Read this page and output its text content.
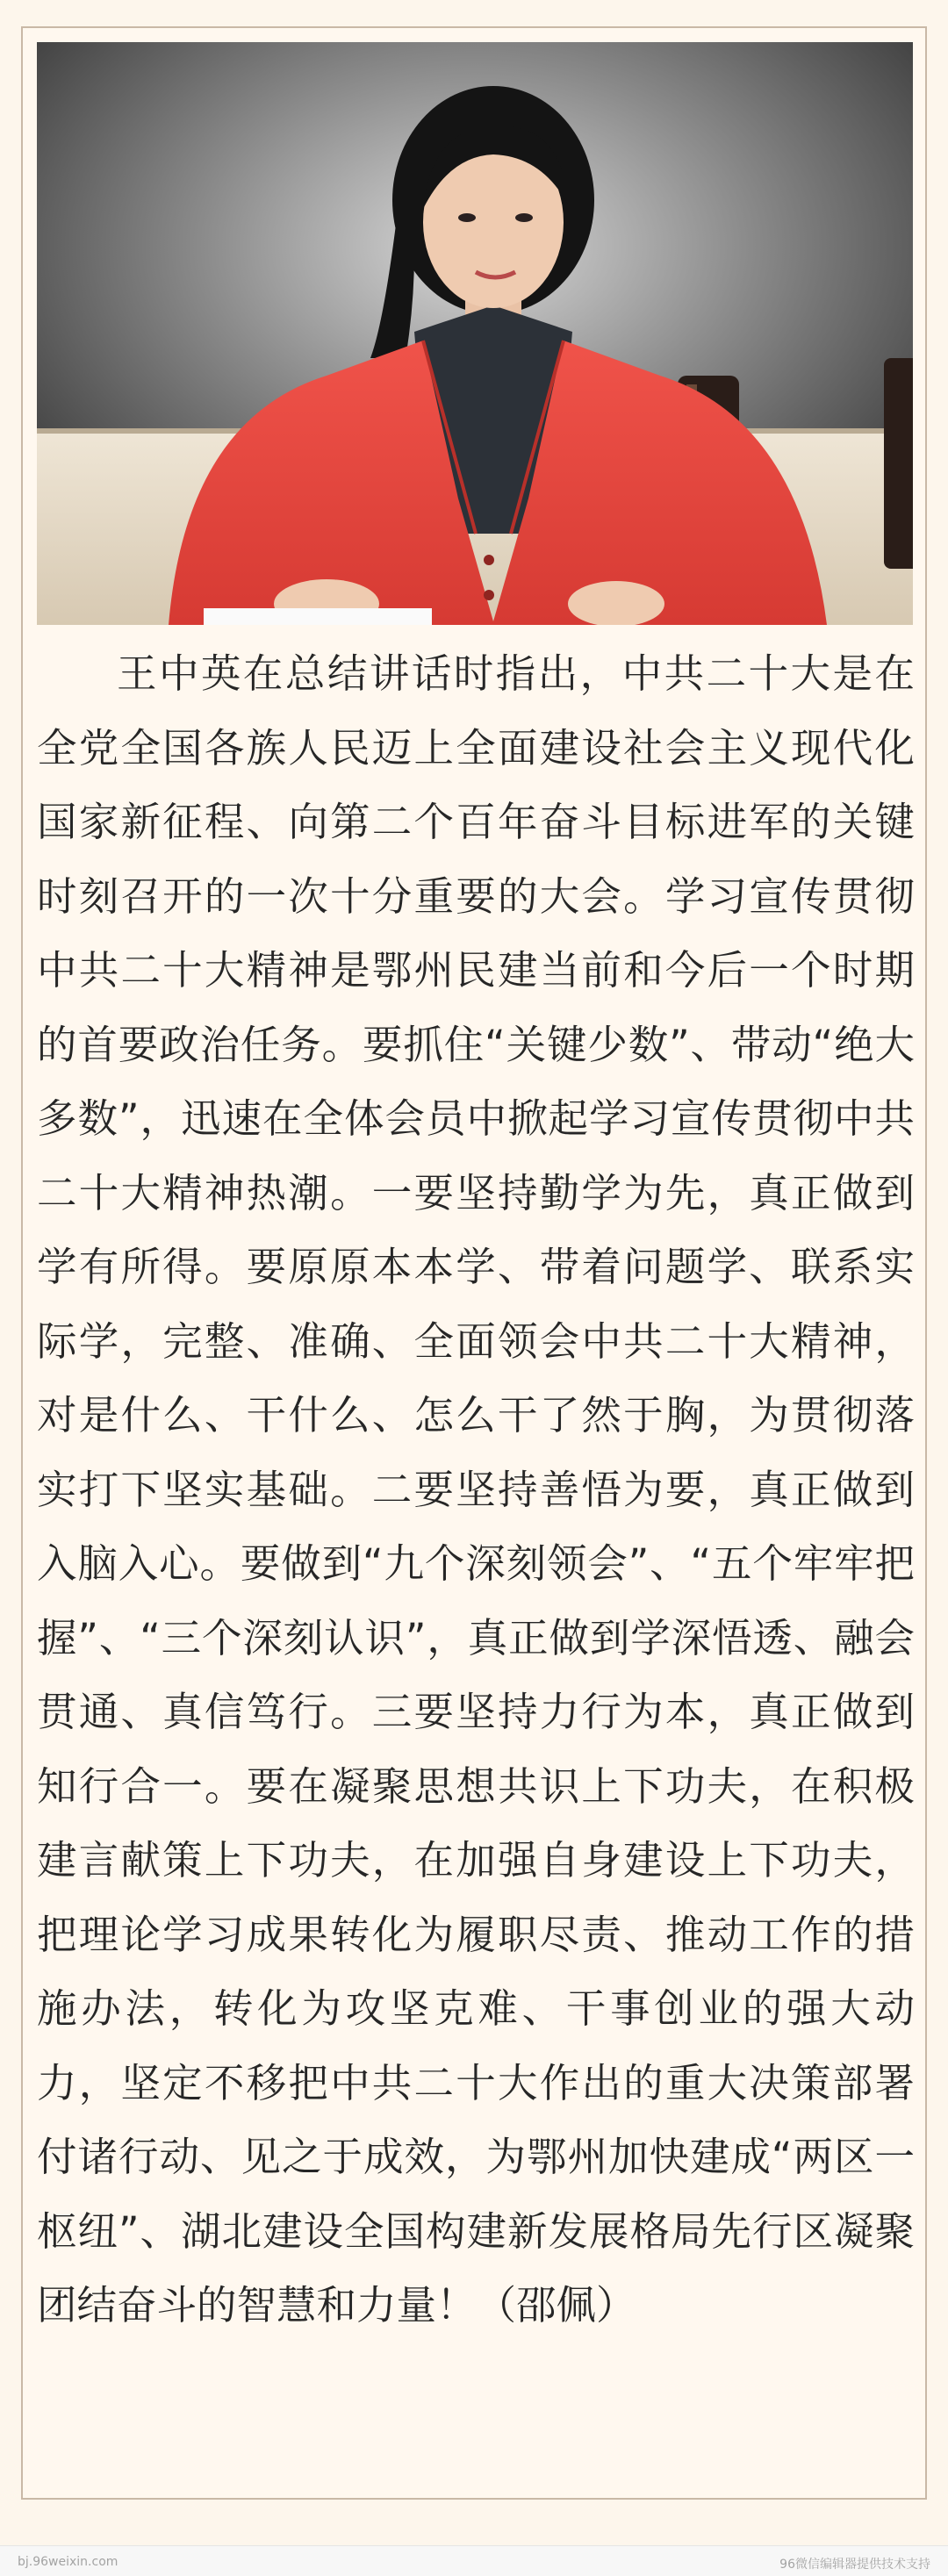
王中英在总结讲话时指出，中共二十大是在全党全国各族人民迈上全面建设社会主义现代化国家新征程、向第二个百年奋斗目标进军的关键时刻召开的一次十分重要的大会。学习宣传贯彻中共二十大精神是鄂州民建当前和今后一个时期的首要政治任务。要抓住“关键少数”、带动“绝大多数”，迅速在全体会员中掀起学习宣传贯彻中共二十大精神热潮。一要坚持勤学为先，真正做到学有所得。要原原本本学、带着问题学、联系实际学，完整、准确、全面领会中共二十大精神，对是什么、干什么、怎么干了然于胸，为贯彻落实打下坚实基础。二要坚持善悟为要，真正做到入脑入心。要做到“九个深刻领会”、“五个牢牢把握”、“三个深刻认识”，真正做到学深悟透、融会贯通、真信笃行。三要坚持力行为本，真正做到知行合一。要在凝聚思想共识上下功夫，在积极建言献策上下功夫，在加强自身建设上下功夫，把理论学习成果转化为履职尽责、推动工作的措施办法，转化为攻坚克难、干事创业的强大动力，坚定不移把中共二十大作出的重大决策部署付诸行动、见之于成效，为鄂州加快建成“两区一枢纽”、湖北建设全国构建新发展格局先行区凝聚团结奋斗的智慧和力量！（邵佩）

bj.96weixin.com	96微信编辑器提供技术支持
